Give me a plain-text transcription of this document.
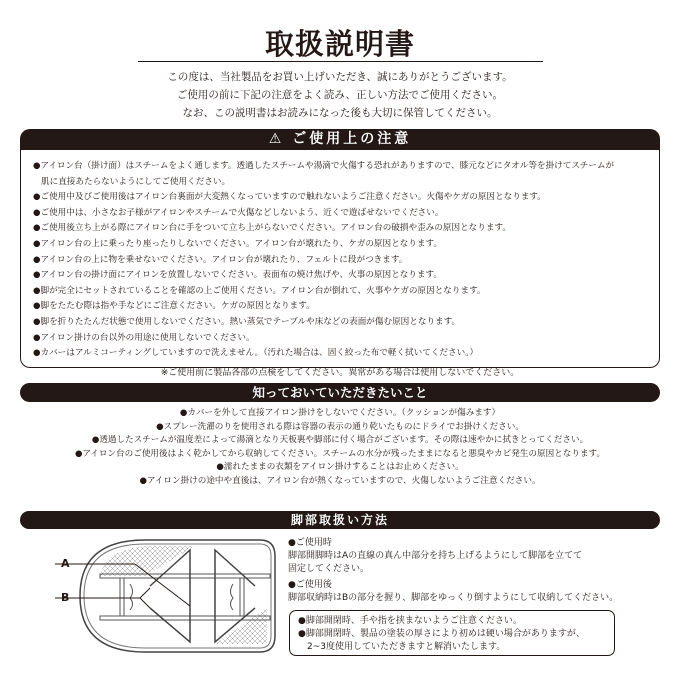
取扱説明書
この度は、当社製品をお買い上げいただき、誠にありがとうございます。
ご使用の前に下記の注意をよく読み、正しい方法でご使用ください。
なお、この説明書はお読みになった後も大切に保管してください。
⚠ ご使用上の注意
●アイロン台（掛け面）はスチームをよく通します。透過したスチームや湯滴で火傷する恐れがありますので、膝元などにタオル等を掛けてスチームが
肌に直接あたらないようにしてご使用ください。
●ご使用中及びご使用後はアイロン台裏面が大変熱くなっていますので触れないようご注意ください。火傷やケガの原因となります。
●ご使用中は、小さなお子様がアイロンやスチームで火傷などしないよう、近くで遊ばせないでください。
●ご使用後立ち上がる際にアイロン台に手をついて立ち上がらないでください。アイロン台の破損や歪みの原因となります。
●アイロン台の上に乗ったり座ったりしないでください。アイロン台が壊れたり、ケガの原因となります。
●アイロン台の上に物を乗せないでください。アイロン台が壊れたり、フェルトに段がつきます。
●アイロン台の掛け面にアイロンを放置しないでください。表面布の焼け焦げや、火事の原因となります。
●脚が完全にセットされていることを確認の上ご使用ください。アイロン台が倒れて、火事やケガの原因となります。
●脚をたたむ際は指や手などにご注意ください。ケガの原因となります。
●脚を折りたたんだ状態で使用しないでください。熱い蒸気でテーブルや床などの表面が傷む原因となります。
●アイロン掛けの台以外の用途に使用しないでください。
●カバーはアルミコーティングしていますので洗えません。（汚れた場合は、固く絞った布で軽く拭いてください。）
※ご使用前に製品各部の点検をしてください。異常がある場合は使用しないでください。
知っておいていただきたいこと
●カバーを外して直接アイロン掛けをしないでください。（クッションが傷みます）
●スプレー洗濯のりを使用される際は容器の表示の通り乾いたものにドライでお掛けください。
●透過したスチームが温度差によって湯滴となり天板裏や脚部に付く場合がございます。その際は速やかに拭きとってください。
●アイロン台のご使用後はよく乾かしてから収納してください。スチームの水分が残ったままになると悪臭やカビ発生の原因となります。
●濡れたままの衣類をアイロン掛けすることはお止めください。
●アイロン掛けの途中や直後は、アイロン台が熱くなっていますので、火傷しないようご注意ください。
脚部取扱い方法
A
B
●ご使用時
脚部開脚時はAの直線の真ん中部分を持ち上げるようにして脚部を立てて
固定してください。
●ご使用後
脚部収納時はBの部分を握り、脚部をゆっくり倒すようにして収納してください。
●脚部開閉時、手や指を挟まないようご注意ください。
●脚部開閉時、製品の塗装の厚さにより初めは硬い場合がありますが、
　2~3度使用していただきますと解消いたします。
